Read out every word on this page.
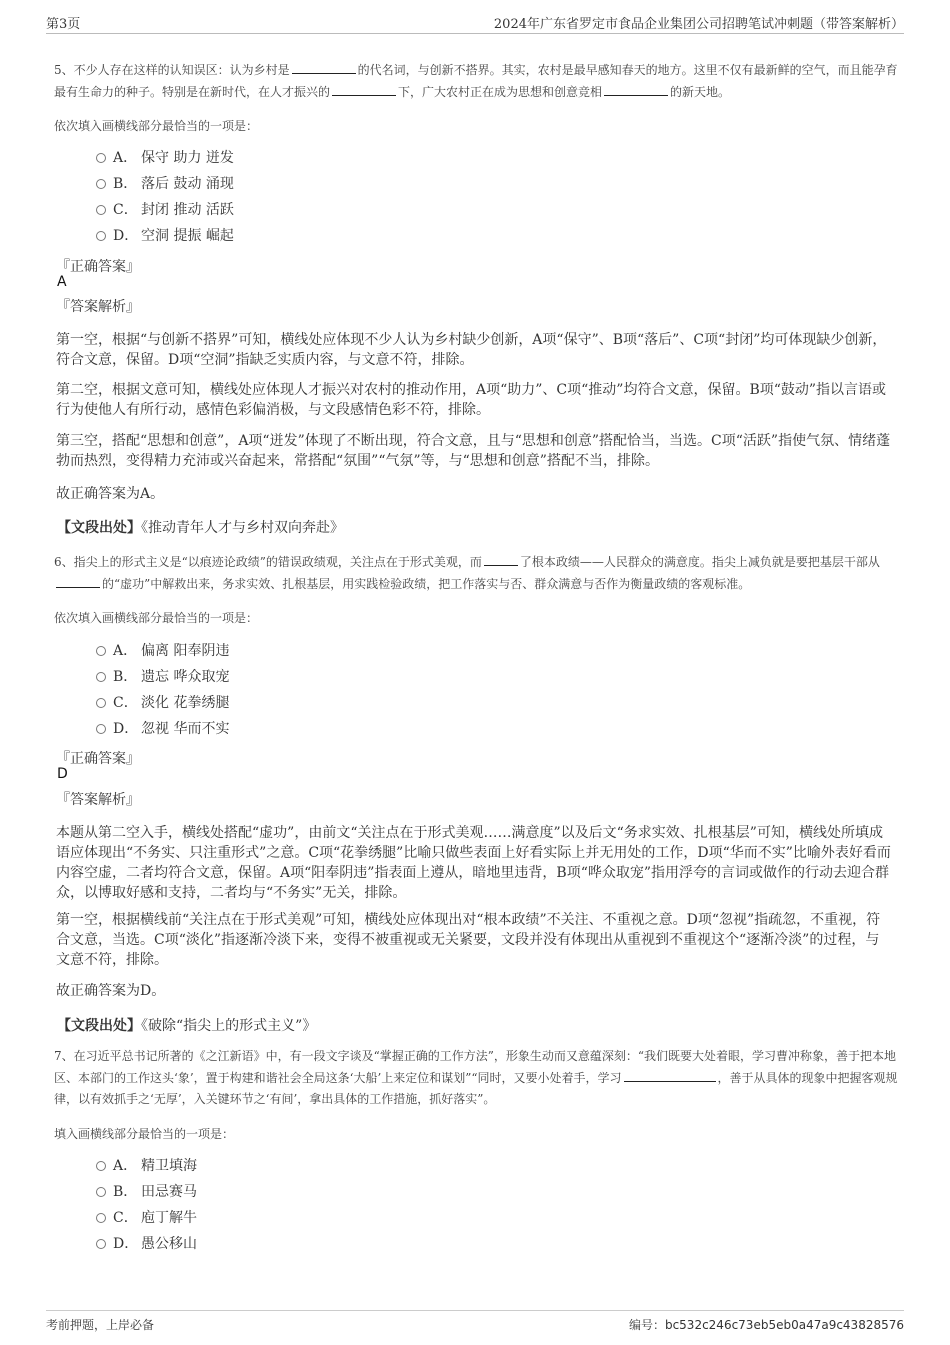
第3页	2024年广东省罗定市食品企业集团公司招聘笔试冲刺题（带答案解析）
5、不少人存在这样的认知误区：认为乡村是	的代名词，与创新不搭界。其实，农村是最早感知春天的地方。这里不仅有最新鲜的空气，而且能孕育最有生命力的种子。特别是在新时代，在人才振兴的	下，广大农村正在成为思想和创意竞相	的新天地。
依次填入画横线部分最恰当的一项是：
A． 保守 助力 迸发
B． 落后 鼓动 涌现
C． 封闭 推动 活跃
D． 空洞 提振 崛起
『正确答案』
A
『答案解析』
第一空，根据“与创新不搭界”可知，横线处应体现不少人认为乡村缺少创新，A项“保守”、B项“落后”、C项“封闭”均可体现缺少创新，符合文意，保留。D项“空洞”指缺乏实质内容，与文意不符，排除。
第二空，根据文意可知，横线处应体现人才振兴对农村的推动作用，A项“助力”、C项“推动”均符合文意，保留。B项“鼓动”指以言语或行为使他人有所行动，感情色彩偏消极，与文段感情色彩不符，排除。
第三空，搭配“思想和创意”，A项“迸发”体现了不断出现，符合文意，且与“思想和创意”搭配恰当，当选。C项“活跃”指使气氛、情绪蓬勃而热烈，变得精力充沛或兴奋起来，常搭配“氛围”“气氛”等，与“思想和创意”搭配不当，排除。
故正确答案为A。
【文段出处】《推动青年人才与乡村双向奔赴》
6、指尖上的形式主义是“以痕迹论政绩”的错误政绩观，关注点在于形式美观，而	了根本政绩——人民群众的满意度。指尖上减负就是要把基层干部从的“虚功”中解救出来，务求实效、扎根基层，用实践检验政绩，把工作落实与否、群众满意与否作为衡量政绩的客观标准。
依次填入画横线部分最恰当的一项是：
A． 偏离 阳奉阴违
B． 遗忘 哗众取宠
C． 淡化 花拳绣腿
D． 忽视 华而不实
『正确答案』
D
『答案解析』
本题从第二空入手，横线处搭配“虚功”，由前文“关注点在于形式美观……满意度”以及后文“务求实效、扎根基层”可知，横线处所填成语应体现出“不务实、只注重形式”之意。C项“花拳绣腿”比喻只做些表面上好看实际上并无用处的工作，D项“华而不实”比喻外表好看而内容空虚，二者均符合文意，保留。A项“阳奉阴违”指表面上遵从，暗地里违背，B项“哗众取宠”指用浮夸的言词或做作的行动去迎合群众，以博取好感和支持，二者均与“不务实”无关，排除。
第一空，根据横线前“关注点在于形式美观”可知，横线处应体现出对“根本政绩”不关注、不重视之意。D项“忽视”指疏忽，不重视，符合文意，当选。C项“淡化”指逐渐冷淡下来，变得不被重视或无关紧要，文段并没有体现出从重视到不重视这个“逐渐冷淡”的过程，与文意不符，排除。
故正确答案为D。
【文段出处】《破除“指尖上的形式主义”》
7、在习近平总书记所著的《之江新语》中，有一段文字谈及“掌握正确的工作方法”，形象生动而又意蕴深刻：“我们既要大处着眼，学习曹冲称象，善于把本地区、本部门的工作这头‘象’，置于构建和谐社会全局这条‘大船’上来定位和谋划”“同时，又要小处着手，学习	，善于从具体的现象中把握客观规律，以有效抓手之‘无厚’，入关键环节之‘有间’，拿出具体的工作措施，抓好落实”。
填入画横线部分最恰当的一项是：
A． 精卫填海
B． 田忌赛马
C． 庖丁解牛
D． 愚公移山
考前押题，上岸必备	编号：bc532c246c73eb5eb0a47a9c43828576
